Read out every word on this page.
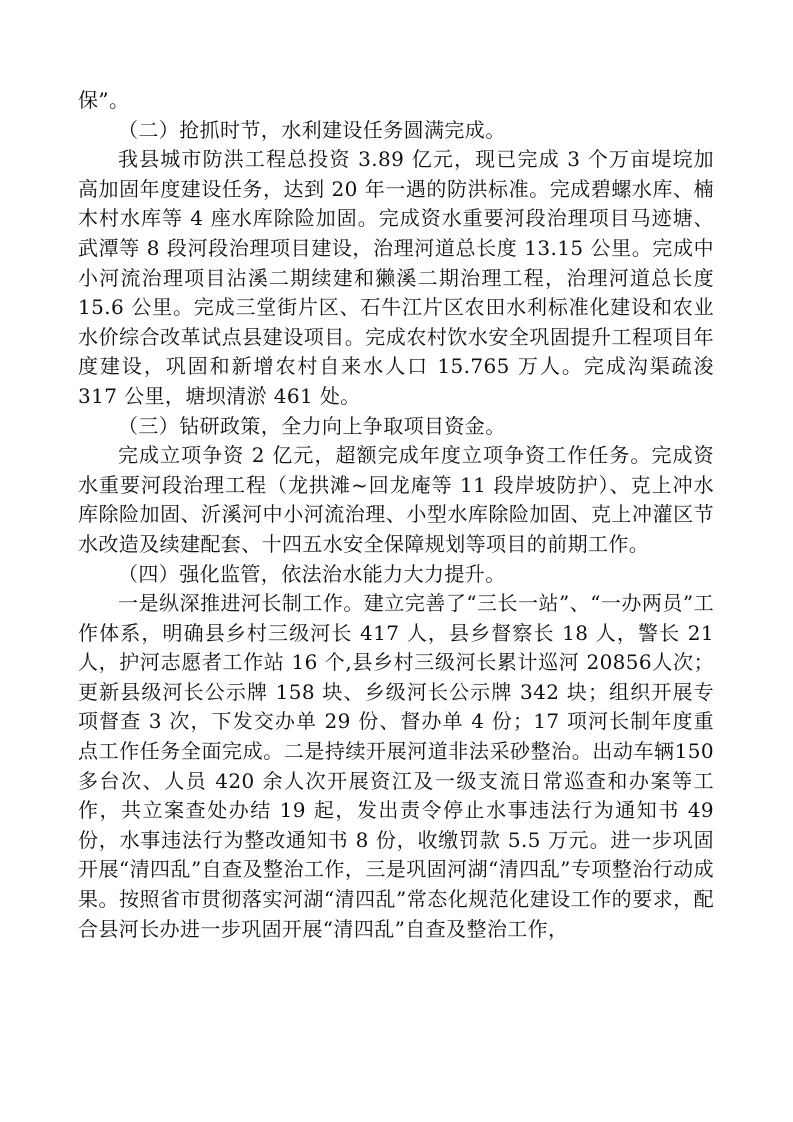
保”。

（二）抢抓时节，水利建设任务圆满完成。

我县城市防洪工程总投资 3.89 亿元，现已完成 3 个万亩堤垸加高加固年度建设任务，达到 20 年一遇的防洪标准。完成碧螺水库、楠木村水库等 4 座水库除险加固。完成资水重要河段治理项目马迹塘、武潭等 8 段河段治理项目建设，治理河道总长度 13.15 公里。完成中小河流治理项目沾溪二期续建和獭溪二期治理工程，治理河道总长度 15.6 公里。完成三堂街片区、石牛江片区农田水利标准化建设和农业水价综合改革试点县建设项目。完成农村饮水安全巩固提升工程项目年度建设，巩固和新增农村自来水人口 15.765 万人。完成沟渠疏浚 317 公里，塘坝清淤 461 处。

（三）钻研政策，全力向上争取项目资金。

完成立项争资 2 亿元，超额完成年度立项争资工作任务。完成资水重要河段治理工程（龙拱滩~回龙庵等 11 段岸坡防护）、克上冲水库除险加固、沂溪河中小河流治理、小型水库除险加固、克上冲灌区节水改造及续建配套、十四五水安全保障规划等项目的前期工作。

（四）强化监管，依法治水能力大力提升。

一是纵深推进河长制工作。建立完善了“三长一站”、“一办两员”工作体系，明确县乡村三级河长 417 人，县乡督察长 18 人，警长 21 人，护河志愿者工作站 16 个,县乡村三级河长累计巡河 20856人次；更新县级河长公示牌 158 块、乡级河长公示牌 342 块；组织开展专项督查 3 次，下发交办单 29 份、督办单 4 份；17 项河长制年度重点工作任务全面完成。二是持续开展河道非法采砂整治。出动车辆150 多台次、人员 420 余人次开展资江及一级支流日常巡查和办案等工作，共立案查处办结 19 起，发出责令停止水事违法行为通知书 49份，水事违法行为整改通知书 8 份，收缴罚款 5.5 万元。进一步巩固开展“清四乱”自查及整治工作，三是巩固河湖“清四乱”专项整治行动成果。按照省市贯彻落实河湖“清四乱”常态化规范化建设工作的要求，配合县河长办进一步巩固开展“清四乱”自查及整治工作，
